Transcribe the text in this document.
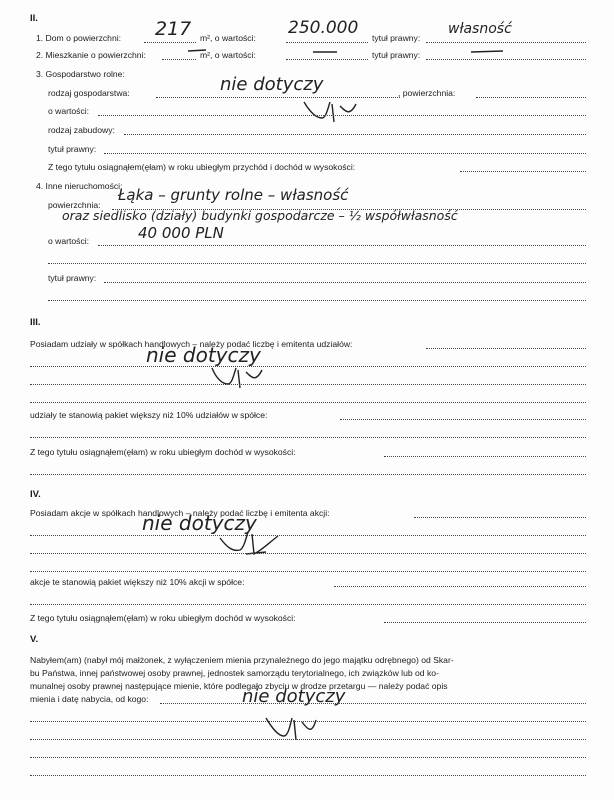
II.
1. Dom o powierzchni: 217 m², o wartości: 250.000 tytuł prawny:
własność
2. Mieszkanie o powierzchni:	m², o wartości:	tytuł prawny:
3. Gospodarstwo rolne:
rodzaj gospodarstwa:	nie dotyczy	, powierzchnia:
o wartości:
rodzaj zabudowy:
tytuł prawny:
Z tego tytułu osiągnąłem(ęłam) w roku ubiegłym przychód i dochód w wysokości:
4. Inne nieruchomości:
powierzchnia:
Łąka – grunty rolne – własność
oraz siedlisko (działy) budynki gospodarcze – ½ współwłasność
o wartości:	40 000 PLN
tytuł prawny:
III.
Posiadam udziały w spółkach handlowych – należy podać liczbę i emitenta udziałów:
nie dotyczy
udziały te stanowią pakiet większy niż 10% udziałów w spółce:
Z tego tytułu osiągnąłem(ęłam) w roku ubiegłym dochód w wysokości:
IV.
Posiadam akcje w spółkach handlowych – należy podać liczbę i emitenta akcji:
nie dotyczy
akcje te stanowią pakiet większy niż 10% akcji w spółce:
Z tego tytułu osiągnąłem(ęłam) w roku ubiegłym dochód w wysokości:
V.
Nabyłem(am) (nabył mój małżonek, z wyłączeniem mienia przynależnego do jego majątku odrębnego) od Skar-
bu Państwa, innej państwowej osoby prawnej, jednostek samorządu terytorialnego, ich związków lub od ko-
munalnej osoby prawnej następujące mienie, które podlegało zbyciu w drodze przetargu — należy podać opis
mienia i datę nabycia, od kogo:	nie dotyczy
